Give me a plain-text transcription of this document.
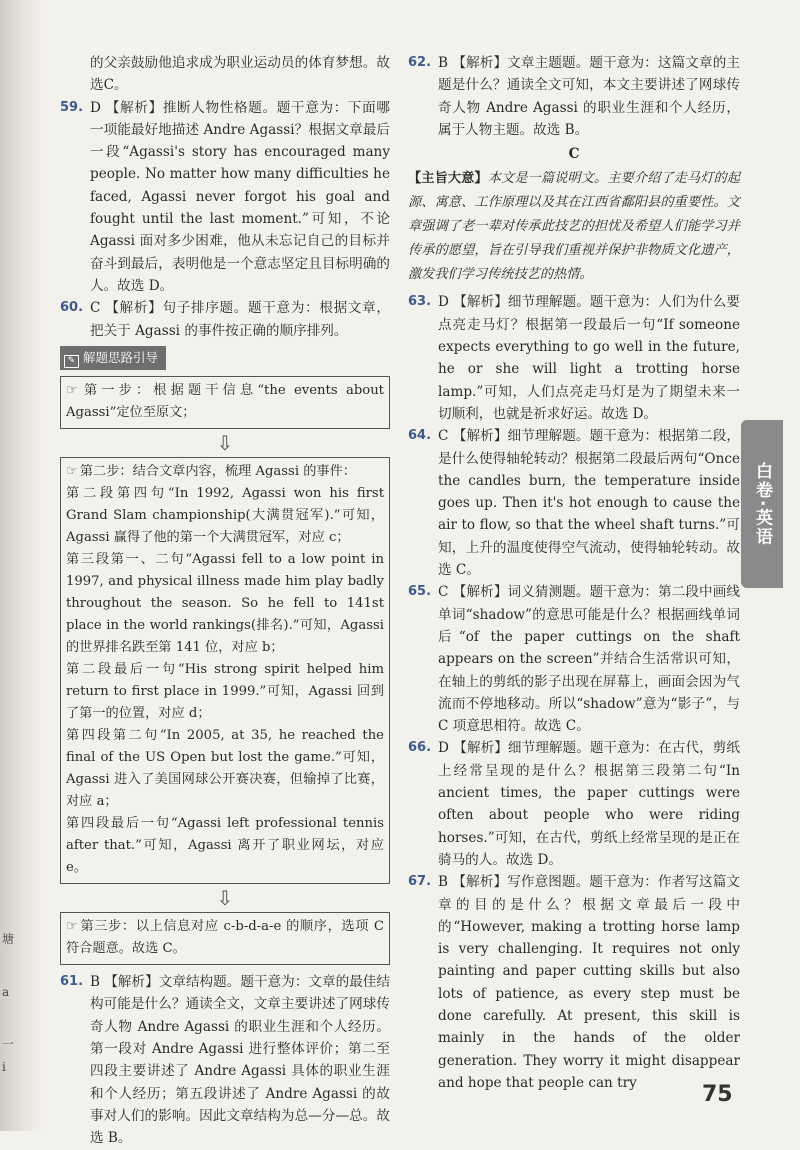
塘
a
一
i

的父亲鼓励他追求成为职业运动员的体育梦想。故选C。

59. D 【解析】推断人物性格题。题干意为：下面哪一项能最好地描述 Andre Agassi？根据文章最后一段“Agassi's story has encouraged many people. No matter how many difficulties he faced, Agassi never forgot his goal and fought until the last moment.”可知，不论 Agassi 面对多少困难，他从未忘记自己的目标并奋斗到最后，表明他是一个意志坚定且目标明确的人。故选 D。

60. C 【解析】句子排序题。题干意为：根据文章，把关于 Agassi 的事件按正确的顺序排列。

✎ 解题思路引导
☞ 第一步：根据题干信息“the events about Agassi”定位至原文；
⇩
☞ 第二步：结合文章内容，梳理 Agassi 的事件：
第二段第四句“In 1992, Agassi won his first Grand Slam championship(大满贯冠军).”可知，Agassi 赢得了他的第一个大满贯冠军，对应 c；
第三段第一、二句“Agassi fell to a low point in 1997, and physical illness made him play badly throughout the season. So he fell to 141st place in the world rankings(排名).”可知，Agassi 的世界排名跌至第 141 位，对应 b；
第二段最后一句“His strong spirit helped him return to first place in 1999.”可知，Agassi 回到了第一的位置，对应 d；
第四段第二句“In 2005, at 35, he reached the final of the US Open but lost the game.”可知，Agassi 进入了美国网球公开赛决赛，但输掉了比赛，对应 a；
第四段最后一句“Agassi left professional tennis after that.”可知，Agassi 离开了职业网坛，对应 e。
⇩
☞ 第三步：以上信息对应 c-b-d-a-e 的顺序，选项 C 符合题意。故选 C。
61. B 【解析】文章结构题。题干意为：文章的最佳结构可能是什么？通读全文，文章主要讲述了网球传奇人物 Andre Agassi 的职业生涯和个人经历。第一段对 Andre Agassi 进行整体评价；第二至四段主要讲述了 Andre Agassi 具体的职业生涯和个人经历；第五段讲述了 Andre Agassi 的故事对人们的影响。因此文章结构为总—分—总。故选 B。

62. B 【解析】文章主题题。题干意为：这篇文章的主题是什么？通读全文可知，本文主要讲述了网球传奇人物 Andre Agassi 的职业生涯和个人经历，属于人物主题。故选 B。

C

【主旨大意】本文是一篇说明文。主要介绍了走马灯的起源、寓意、工作原理以及其在江西省鄱阳县的重要性。文章强调了老一辈对传承此技艺的担忧及希望人们能学习并传承的愿望，旨在引导我们重视并保护非物质文化遗产，激发我们学习传统技艺的热情。

63. D 【解析】细节理解题。题干意为：人们为什么要点亮走马灯？根据第一段最后一句“If someone expects everything to go well in the future, he or she will light a trotting horse lamp.”可知，人们点亮走马灯是为了期望未来一切顺利，也就是祈求好运。故选 D。

64. C 【解析】细节理解题。题干意为：根据第二段，是什么使得轴轮转动？根据第二段最后两句“Once the candles burn, the temperature inside goes up. Then it's hot enough to cause the air to flow, so that the wheel shaft turns.”可知，上升的温度使得空气流动，使得轴轮转动。故选 C。

65. C 【解析】词义猜测题。题干意为：第二段中画线单词“shadow”的意思可能是什么？根据画线单词后“of the paper cuttings on the shaft appears on the screen”并结合生活常识可知，在轴上的剪纸的影子出现在屏幕上，画面会因为气流而不停地移动。所以“shadow”意为“影子”，与 C 项意思相符。故选 C。

66. D 【解析】细节理解题。题干意为：在古代，剪纸上经常呈现的是什么？根据第三段第二句“In ancient times, the paper cuttings were often about people who were riding horses.”可知，在古代，剪纸上经常呈现的是正在骑马的人。故选 D。

67. B 【解析】写作意图题。题干意为：作者写这篇文章的目的是什么？根据文章最后一段中的“However, making a trotting horse lamp is very challenging. It requires not only painting and paper cutting skills but also lots of patience, as every step must be done carefully. At present, this skill is mainly in the hands of the older generation. They worry it might disappear and hope that people can try

白卷·英语
75
